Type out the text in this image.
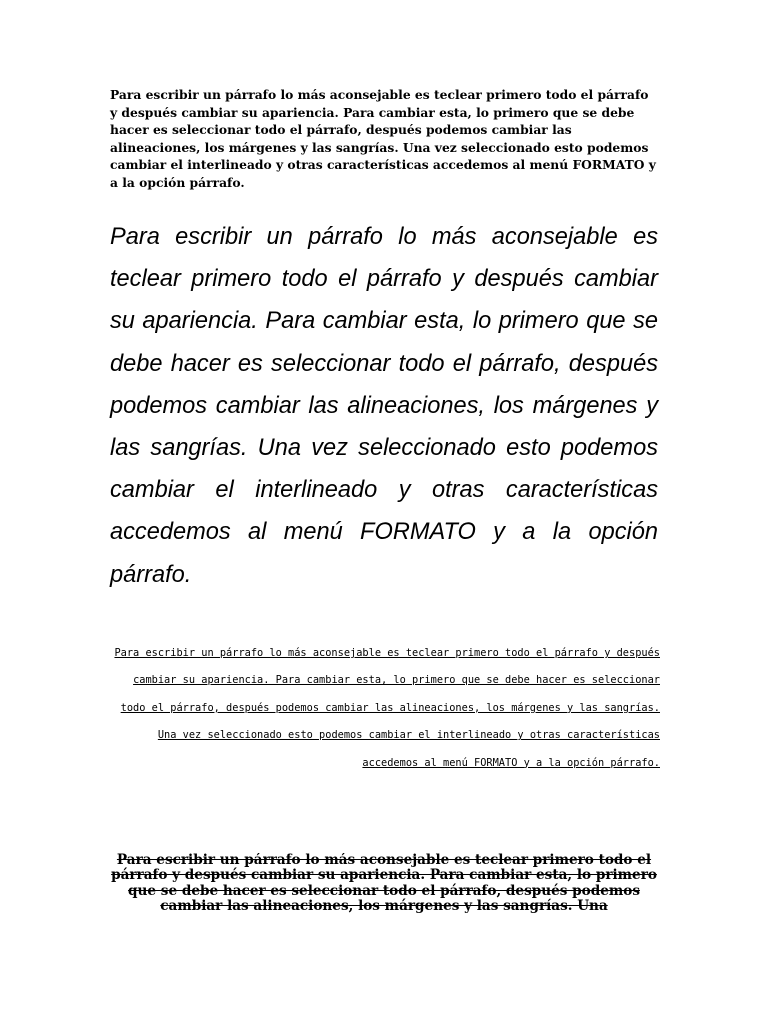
Para escribir un párrafo lo más aconsejable es teclear primero todo el párrafo y después cambiar su apariencia. Para cambiar esta, lo primero que se debe hacer es seleccionar todo el párrafo, después podemos cambiar las alineaciones, los márgenes y las sangrías. Una vez seleccionado esto podemos cambiar el interlineado y otras características accedemos al menú FORMATO y a la opción párrafo.

Para escribir un párrafo lo más aconsejable es teclear primero todo el párrafo y después cambiar su apariencia. Para cambiar esta, lo primero que se debe hacer es seleccionar todo el párrafo, después podemos cambiar las alineaciones, los márgenes y las sangrías. Una vez seleccionado esto podemos cambiar el interlineado y otras características accedemos al menú FORMATO y a la opción párrafo.

Para escribir un párrafo lo más aconsejable es teclear primero todo el párrafo y después cambiar su apariencia. Para cambiar esta, lo primero que se debe hacer es seleccionar todo el párrafo, después podemos cambiar las alineaciones, los márgenes y las sangrías. Una vez seleccionado esto podemos cambiar el interlineado y otras características accedemos al menú FORMATO y a la opción párrafo.

Para escribir un párrafo lo más aconsejable es teclear primero todo el párrafo y después cambiar su apariencia. Para cambiar esta, lo primero que se debe hacer es seleccionar todo el párrafo, después podemos cambiar las alineaciones, los márgenes y las sangrías. Una
